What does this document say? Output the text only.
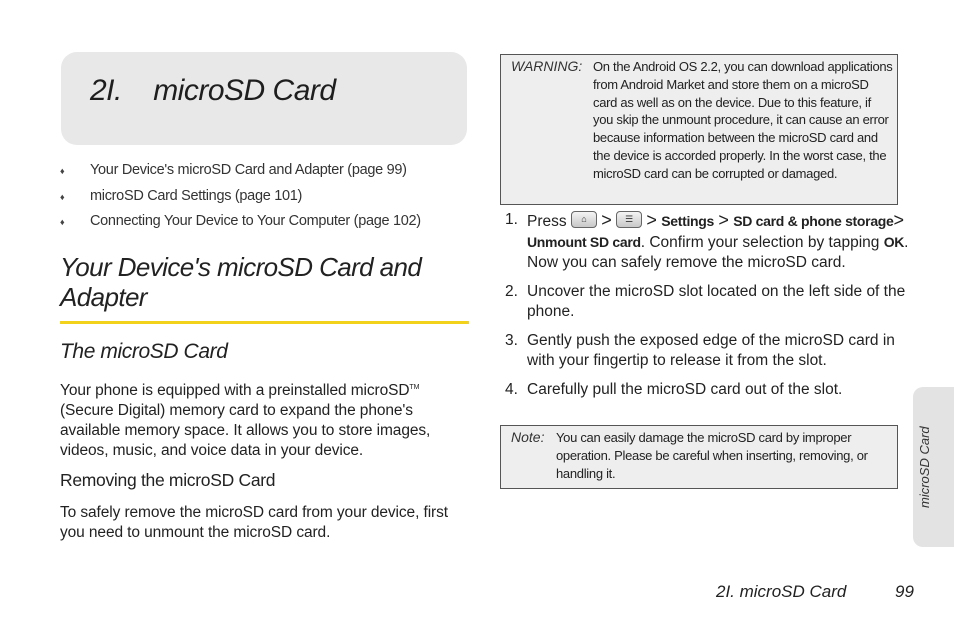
2I.    microSD Card
♦	Your Device's microSD Card and Adapter (page 99)
♦	microSD Card Settings (page 101)
♦	Connecting Your Device to Your Computer (page 102)
Your Device's microSD Card and Adapter
The microSD Card
Your phone is equipped with a preinstalled microSD™ (Secure Digital) memory card to expand the phone's available memory space. It allows you to store images, videos, music, and voice data in your device.
Removing the microSD Card
To safely remove the microSD card from your device, first you need to unmount the microSD card.
WARNING: On the Android OS 2.2, you can download applications from Android Market and store them on a microSD card as well as on the device. Due to this feature, if you skip the unmount procedure, it can cause an error because information between the microSD card and the device is accorded properly. In the worst case, the microSD card can be corrupted or damaged.
1. Press	⌂ >	☰ > Settings > SD card & phone storage> Unmount SD card. Confirm your selection by tapping OK. Now you can safely remove the microSD card.
2. Uncover the microSD slot located on the left side of the phone.
3. Gently push the exposed edge of the microSD card in with your fingertip to release it from the slot.
4. Carefully pull the microSD card out of the slot.
Note: You can easily damage the microSD card by improper operation. Please be careful when inserting, removing, or handling it.	microSD Card
2I. microSD Card	99
